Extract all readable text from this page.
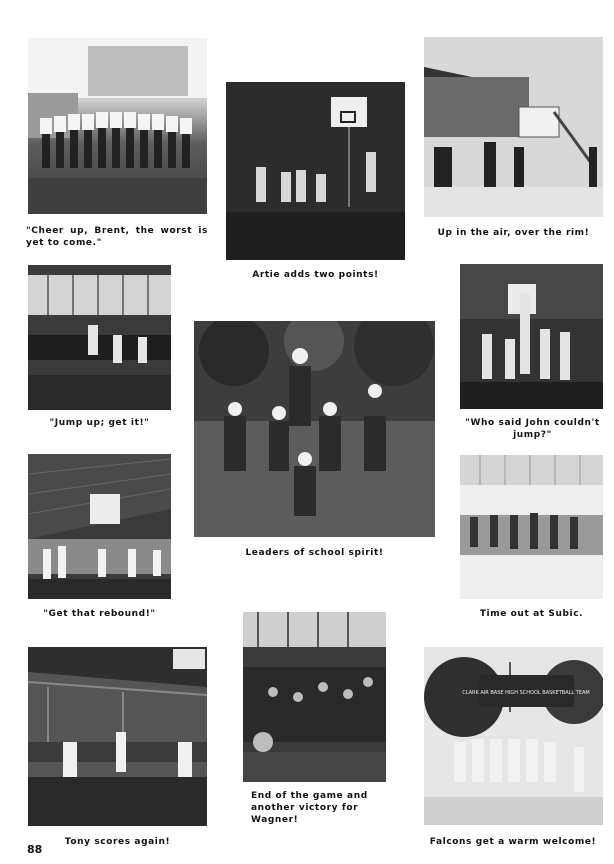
"Cheer up, Brent, the worst is yet to come."
Artie adds two points!
Up in the air, over the rim!
"Jump up; get it!"
Leaders of school spirit!
"Who said John couldn't jump?"
"Get that rebound!"	Time out at Subic.
Tony scores again!
End of the game and another victory for Wagner!
CLARK AIR BASE HIGH SCHOOL BASKETBALL TEAM
Falcons get a warm welcome!
88
